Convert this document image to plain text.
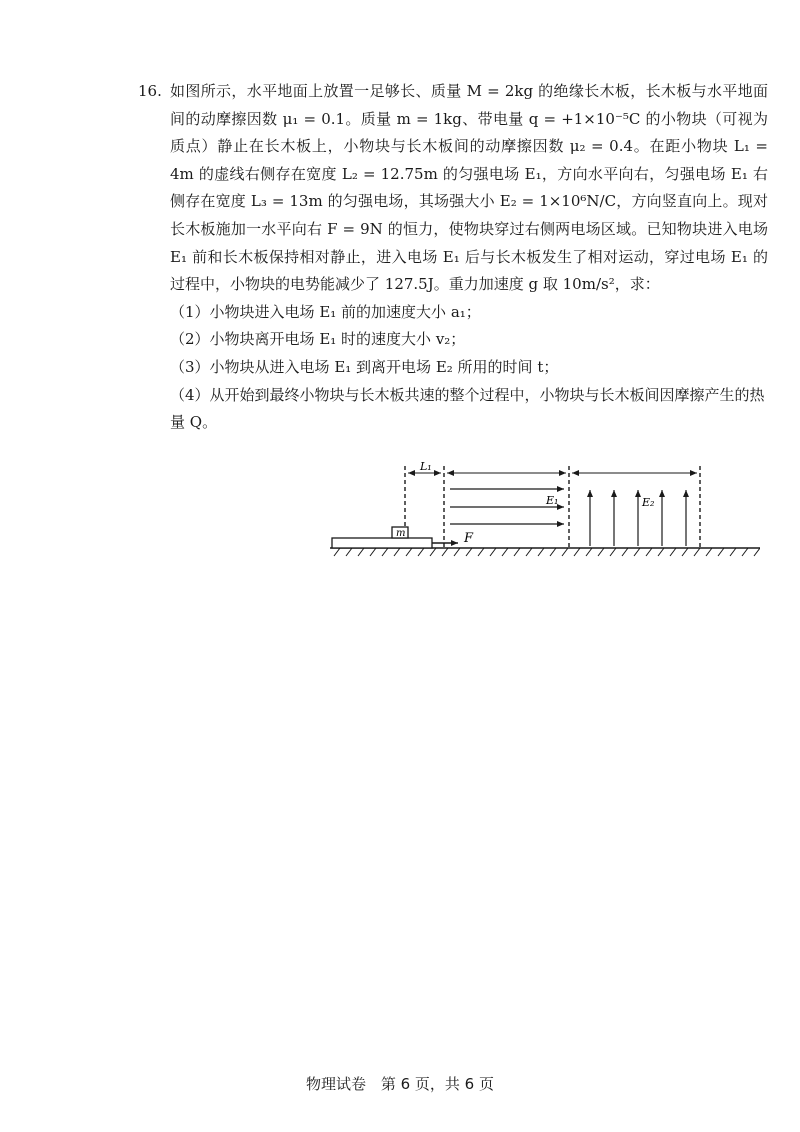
16. 如图所示，水平地面上放置一足够长、质量 M = 2kg 的绝缘长木板，长木板与水平地面间的动摩擦因数 μ₁ = 0.1。质量 m = 1kg、带电量 q = +1×10⁻⁵C 的小物块（可视为质点）静止在长木板上，小物块与长木板间的动摩擦因数 μ₂ = 0.4。在距小物块 L₁ = 4m 的虚线右侧存在宽度 L₂ = 12.75m 的匀强电场 E₁，方向水平向右，匀强电场 E₁ 右侧存在宽度 L₃ = 13m 的匀强电场，其场强大小 E₂ = 1×10⁶N/C，方向竖直向上。现对长木板施加一水平向右 F = 9N 的恒力，使物块穿过右侧两电场区域。已知物块进入电场 E₁ 前和长木板保持相对静止，进入电场 E₁ 后与长木板发生了相对运动，穿过电场 E₁ 的过程中，小物块的电势能减少了 127.5J。重力加速度 g 取 10m/s²，求：

（1）小物块进入电场 E₁ 前的加速度大小 a₁；

（2）小物块离开电场 E₁ 时的速度大小 v₂；

（3）小物块从进入电场 E₁ 到离开电场 E₂ 所用的时间 t；

（4）从开始到最终小物块与长木板共速的整个过程中，小物块与长木板间因摩擦产生的热量 Q。

m	F
L₁
E₁	E₂
物理试卷 第 6 页，共 6 页
